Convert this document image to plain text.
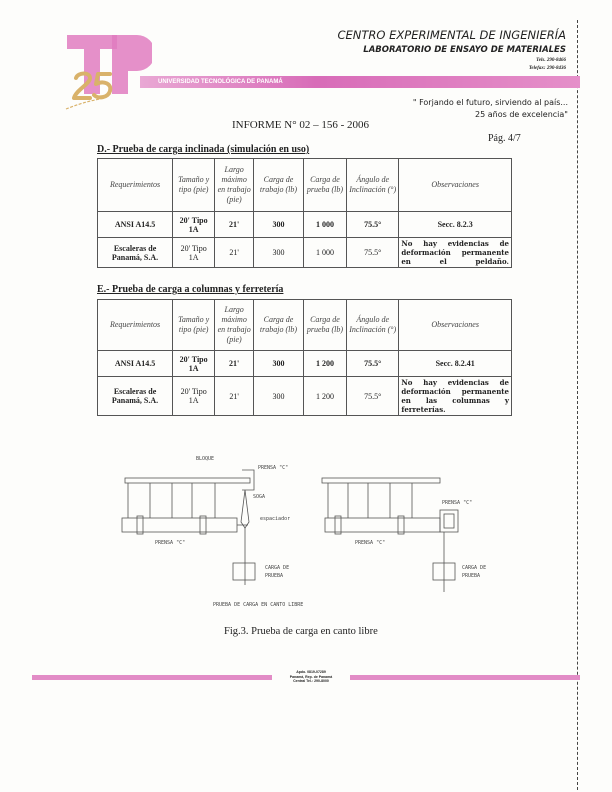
UNIVERSIDAD TECNOLÓGICA DE PANAMÁ
CENTRO EXPERIMENTAL DE INGENIERÍA
LABORATORIO DE ENSAYO DE MATERIALES
Tels. 290-8466
Telefax: 290-8436
" Forjando el futuro, sirviendo al país...
25 años de excelencia"
INFORME N° 02 – 156 - 2006
Pág. 4/7
D.- Prueba de carga inclinada (simulación en uso)
Requerimientos	Tamaño y tipo (pie)	Largo máximo en trabajo (pie)	Carga de trabajo (lb)	Carga de prueba (lb)	Ángulo de Inclinación (°)	Observaciones
ANSI A14.5	20' Tipo 1A	21'	300	1 000	75.5°	Secc. 8.2.3
Escaleras de Panamá, S.A.	20' Tipo 1A	21'	300	1 000	75.5°	No hay evidencias de deformación permanente en el peldaño.
E.- Prueba de carga a columnas y ferretería
Requerimientos	Tamaño y tipo (pie)	Largo máximo en trabajo (pie)	Carga de trabajo (lb)	Carga de prueba (lb)	Ángulo de Inclinación (°)	Observaciones
ANSI A14.5	20' Tipo 1A	21'	300	1 200	75.5°	Secc. 8.2.41
Escaleras de Panamá, S.A.	20' Tipo 1A	21'	300	1 200	75.5°	No hay evidencias de deformación permanente en las columnas y ferreterías.
BLOQUE
PRENSA "C"
SOGA
espaciador
PRENSA "C"
CARGA DE
PRUEBA
PRENSA "C"
PRENSA "C"
CARGA DE
PRUEBA
PRUEBA DE CARGA EN CANTO LIBRE
Fig.3. Prueba de carga en canto libre
Apdo. 0819-07289
Panamá, Rep. de Panamá
Central Tel.: 290-8000
